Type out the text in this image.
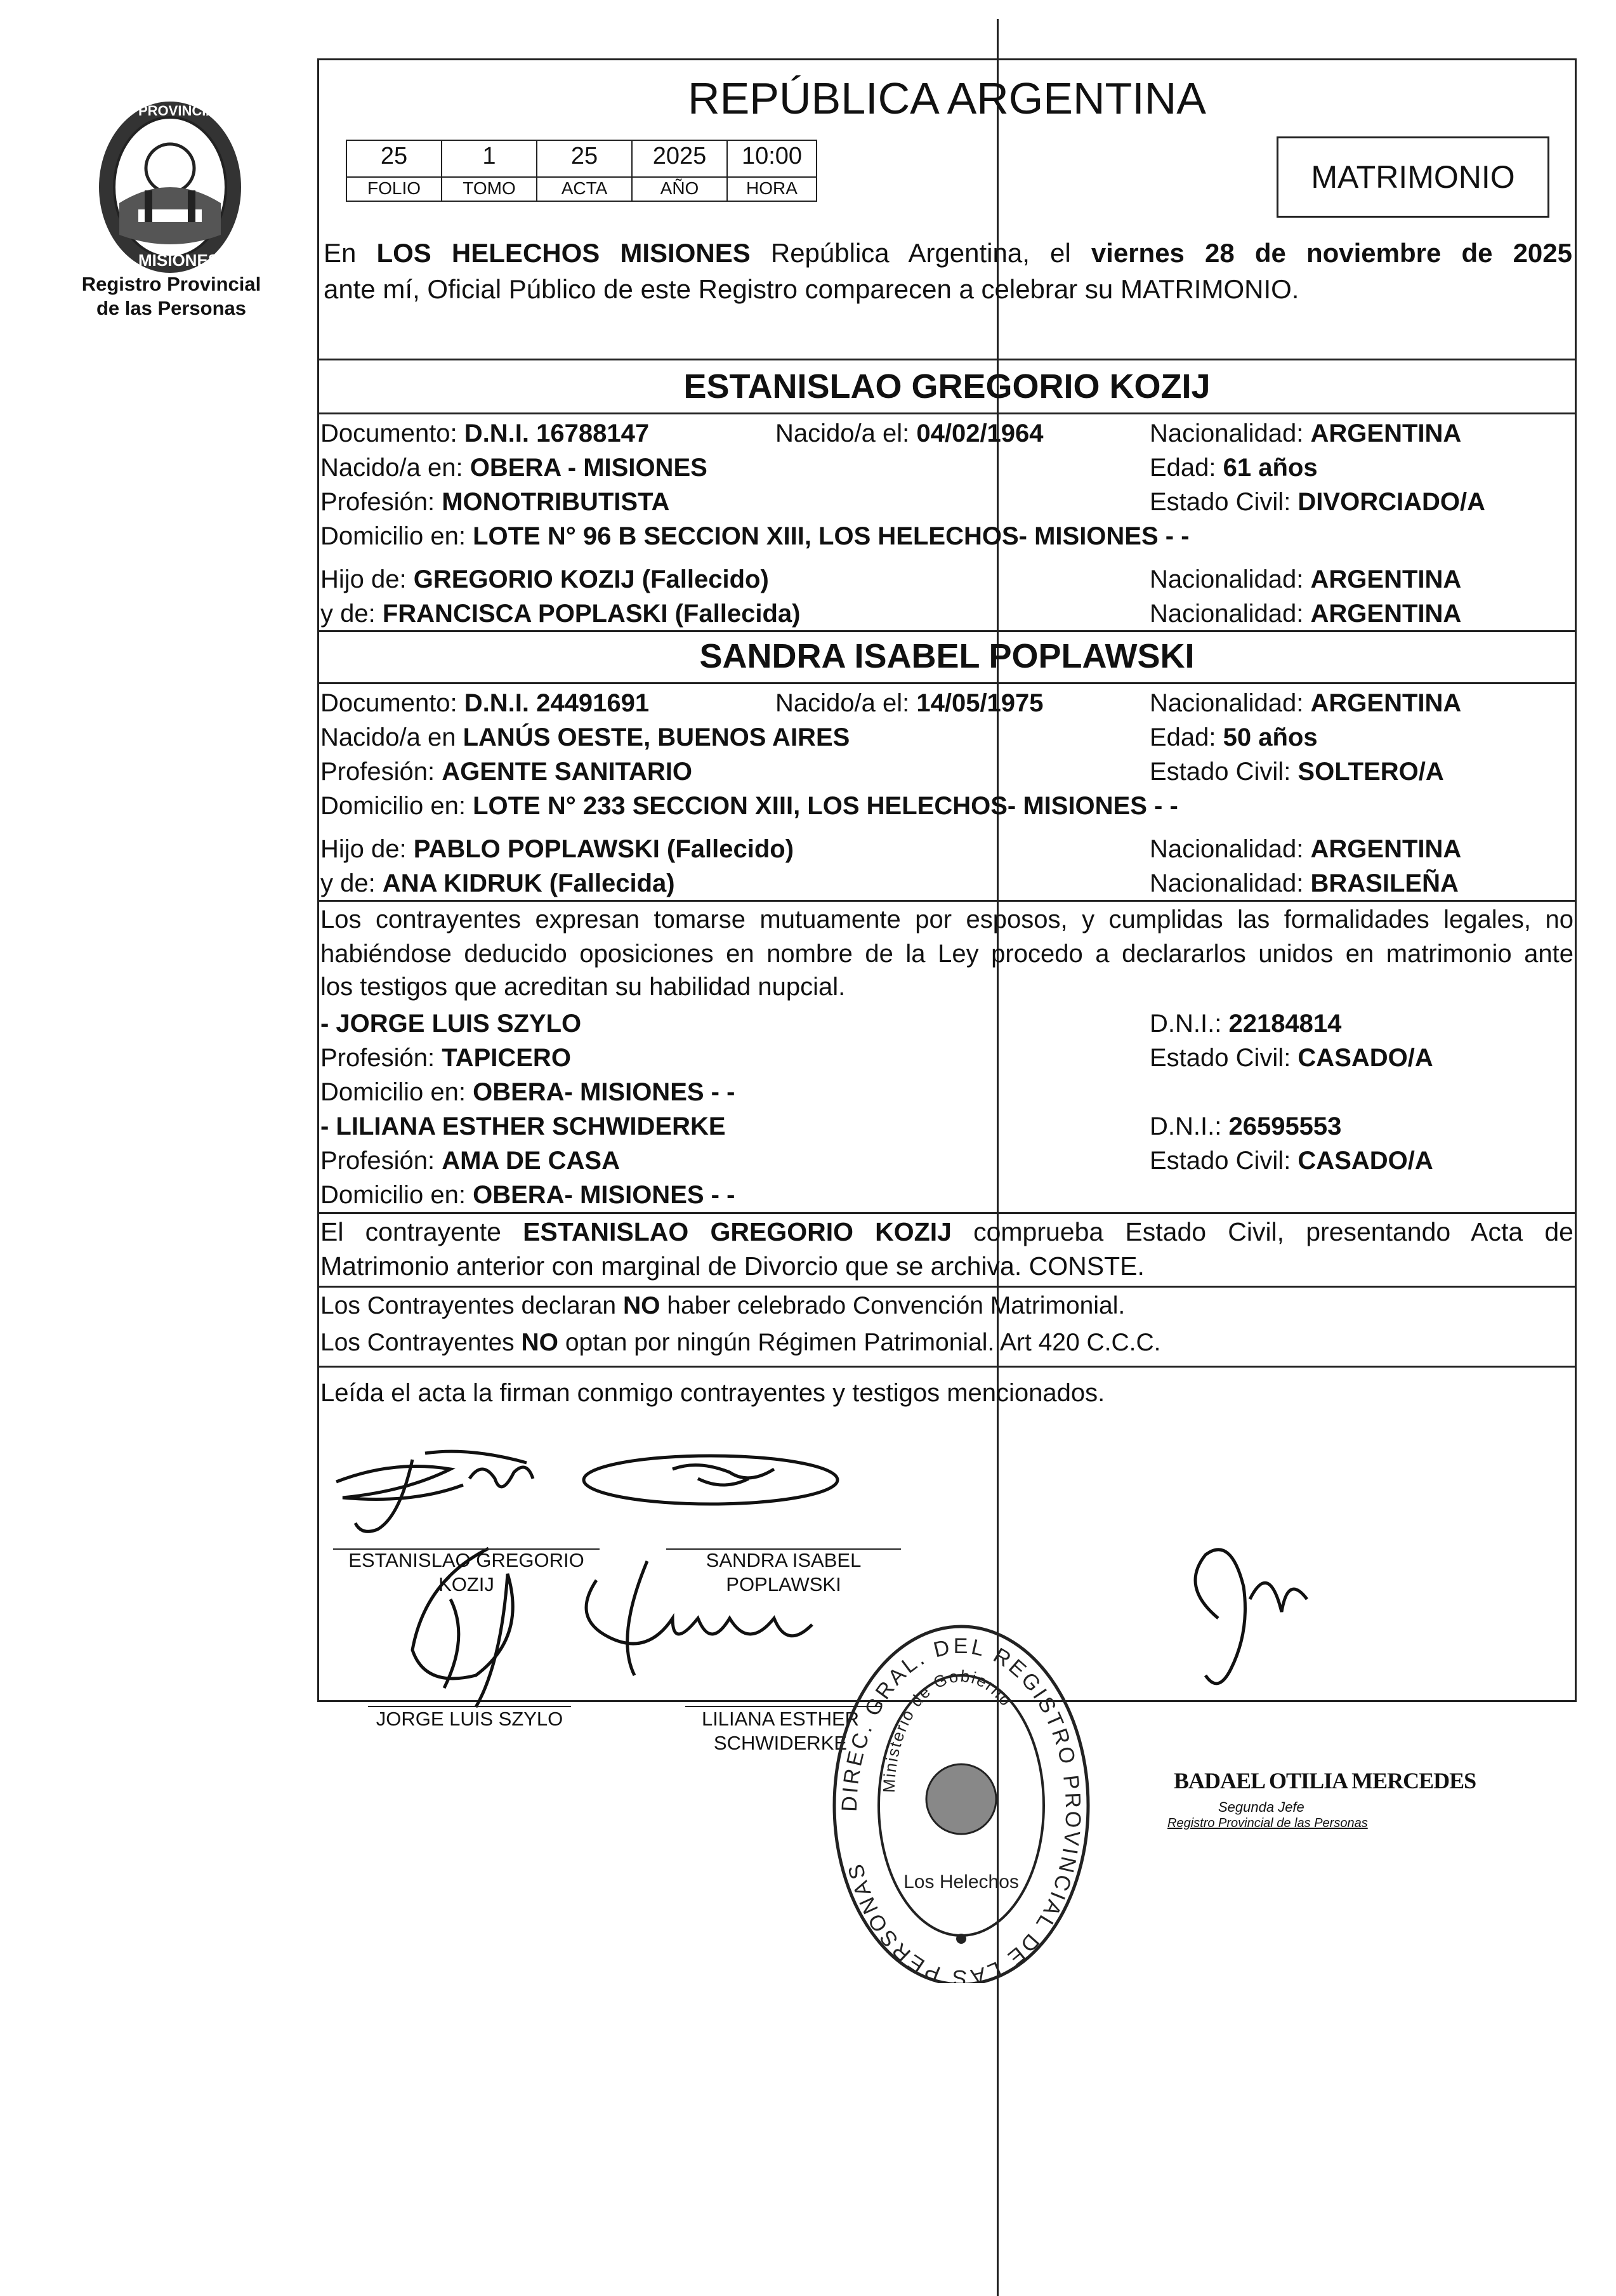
PROVINCIA DE
MISIONES
Registro Provincial
de las Personas
REPÚBLICA ARGENTINA
25	1	25	2025	10:00
FOLIO	TOMO	ACTA	AÑO	HORA	MATRIMONIO
En LOS HELECHOS MISIONES República Argentina, el viernes 28 de noviembre de 2025
ante mí, Oficial Público de este Registro comparecen a celebrar su MATRIMONIO.
ESTANISLAO GREGORIO KOZIJ
Documento: D.N.I. 16788147	Nacido/a el: 04/02/1964	Nacionalidad: ARGENTINA
Nacido/a en: OBERA - MISIONES	Edad: 61 años
Profesión: MONOTRIBUTISTA	Estado Civil: DIVORCIADO/A
Domicilio en: LOTE N° 96 B SECCION XIII, LOS HELECHOS- MISIONES - -
Hijo de: GREGORIO KOZIJ (Fallecido)	Nacionalidad: ARGENTINA
y de: FRANCISCA POPLASKI (Fallecida)	Nacionalidad: ARGENTINA
SANDRA ISABEL POPLAWSKI
Documento: D.N.I. 24491691	Nacido/a el: 14/05/1975	Nacionalidad: ARGENTINA
Nacido/a en LANÚS OESTE, BUENOS AIRES	Edad: 50 años
Profesión: AGENTE SANITARIO	Estado Civil: SOLTERO/A
Domicilio en: LOTE N° 233 SECCION XIII, LOS HELECHOS- MISIONES - -
Hijo de: PABLO POPLAWSKI (Fallecido)	Nacionalidad: ARGENTINA
y de: ANA KIDRUK (Fallecida)	Nacionalidad: BRASILEÑA
Los contrayentes expresan tomarse mutuamente por esposos, y cumplidas las formalidades legales, no
habiéndose deducido oposiciones en nombre de la Ley procedo a declararlos unidos en matrimonio ante
los testigos que acreditan su habilidad nupcial.
- JORGE LUIS SZYLO	D.N.I.: 22184814
Profesión: TAPICERO	Estado Civil: CASADO/A
Domicilio en: OBERA- MISIONES - -
- LILIANA ESTHER SCHWIDERKE	D.N.I.: 26595553
Profesión: AMA DE CASA	Estado Civil: CASADO/A
Domicilio en: OBERA- MISIONES - -
El contrayente ESTANISLAO GREGORIO KOZIJ comprueba Estado Civil, presentando Acta de
Matrimonio anterior con marginal de Divorcio que se archiva. CONSTE.
Los Contrayentes declaran NO haber celebrado Convención Matrimonial.
Los Contrayentes NO optan por ningún Régimen Patrimonial. Art 420 C.C.C.
Leída el acta la firman conmigo contrayentes y testigos mencionados.
ESTANISLAO GREGORIO
KOZIJ
SANDRA ISABEL
POPLAWSKI
JORGE LUIS SZYLO	LILIANA ESTHER
SCHWIDERKE
BADAEL OTILIA MERCEDES
Segunda Jefe
Registro Provincial de las Personas
DIREC. GRAL. DEL REGISTRO PROVINCIAL DE LAS PERSONAS
Ministerio de Gobierno
Los Helechos
